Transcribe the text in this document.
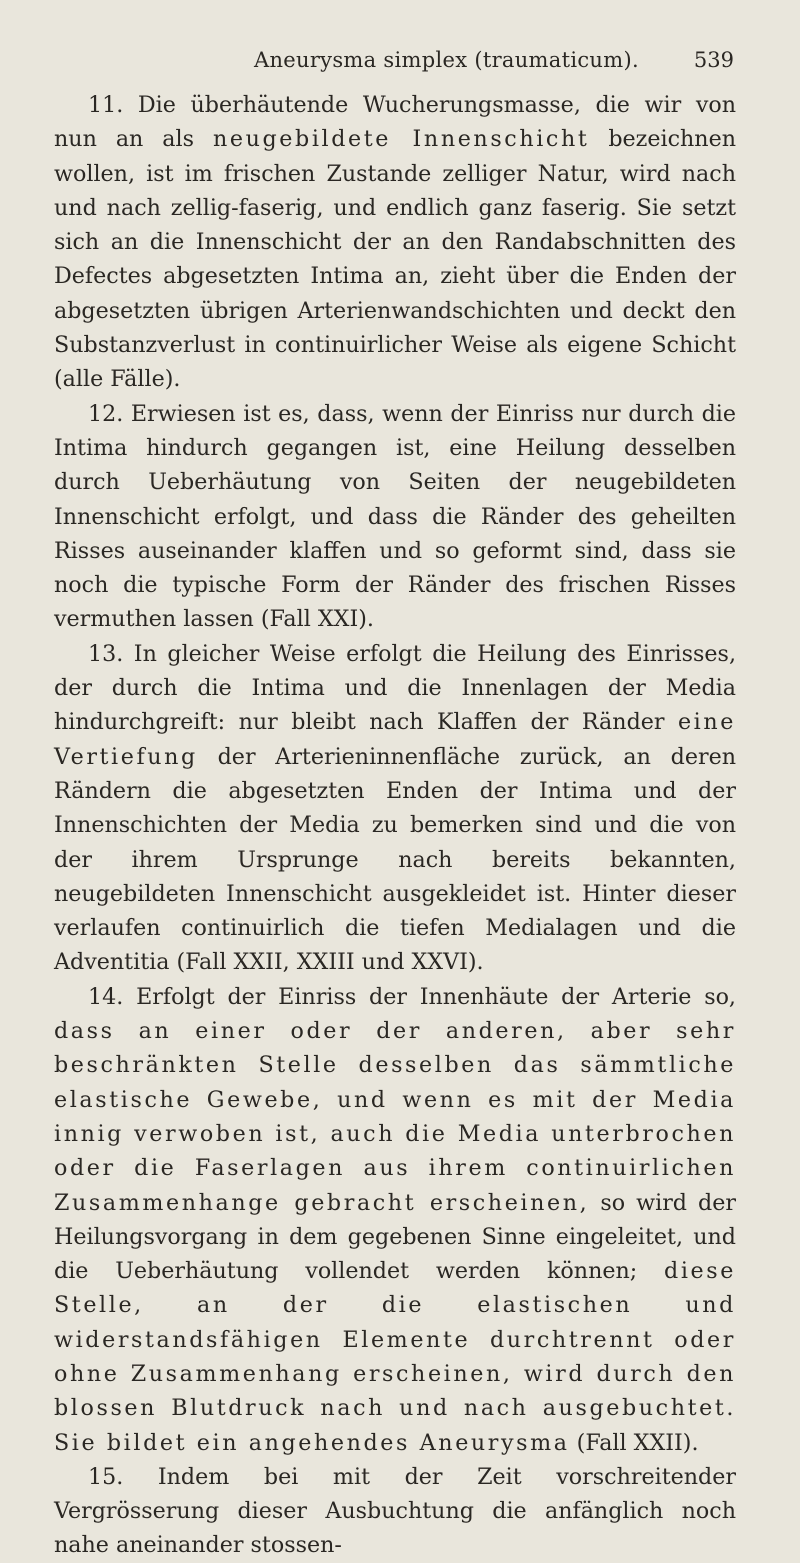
Aneurysma simplex (traumaticum).	539

11. Die überhäutende Wucherungsmasse, die wir von nun an als neugebildete Innenschicht bezeichnen wollen, ist im frischen Zustande zelliger Natur, wird nach und nach zellig-faserig, und endlich ganz faserig. Sie setzt sich an die Innenschicht der an den Randabschnitten des Defectes abgesetzten Intima an, zieht über die Enden der abgesetzten übrigen Arterienwandschichten und deckt den Substanzverlust in continuirlicher Weise als eigene Schicht (alle Fälle).

12. Erwiesen ist es, dass, wenn der Einriss nur durch die Intima hindurch gegangen ist, eine Heilung desselben durch Ueberhäutung von Seiten der neugebildeten Innenschicht erfolgt, und dass die Ränder des geheilten Risses auseinander klaffen und so geformt sind, dass sie noch die typische Form der Ränder des frischen Risses vermuthen lassen (Fall XXI).

13. In gleicher Weise erfolgt die Heilung des Einrisses, der durch die Intima und die Innenlagen der Media hindurchgreift: nur bleibt nach Klaffen der Ränder eine Vertiefung der Arterieninnenfläche zurück, an deren Rändern die abgesetzten Enden der Intima und der Innenschichten der Media zu bemerken sind und die von der ihrem Ursprunge nach bereits bekannten, neugebildeten Innenschicht ausgekleidet ist. Hinter dieser verlaufen continuirlich die tiefen Medialagen und die Adventitia (Fall XXII, XXIII und XXVI).

14. Erfolgt der Einriss der Innenhäute der Arterie so, dass an einer oder der anderen, aber sehr beschränkten Stelle desselben das sämmtliche elastische Gewebe, und wenn es mit der Media innig verwoben ist, auch die Media unterbrochen oder die Faserlagen aus ihrem continuirlichen Zusammenhange gebracht erscheinen, so wird der Heilungsvorgang in dem gegebenen Sinne eingeleitet, und die Ueberhäutung vollendet werden können; diese Stelle, an der die elastischen und widerstandsfähigen Elemente durchtrennt oder ohne Zusammenhang erscheinen, wird durch den blossen Blutdruck nach und nach ausgebuchtet. Sie bildet ein angehendes Aneurysma (Fall XXII).

15. Indem bei mit der Zeit vorschreitender Vergrösserung dieser Ausbuchtung die anfänglich noch nahe aneinander stossen-
